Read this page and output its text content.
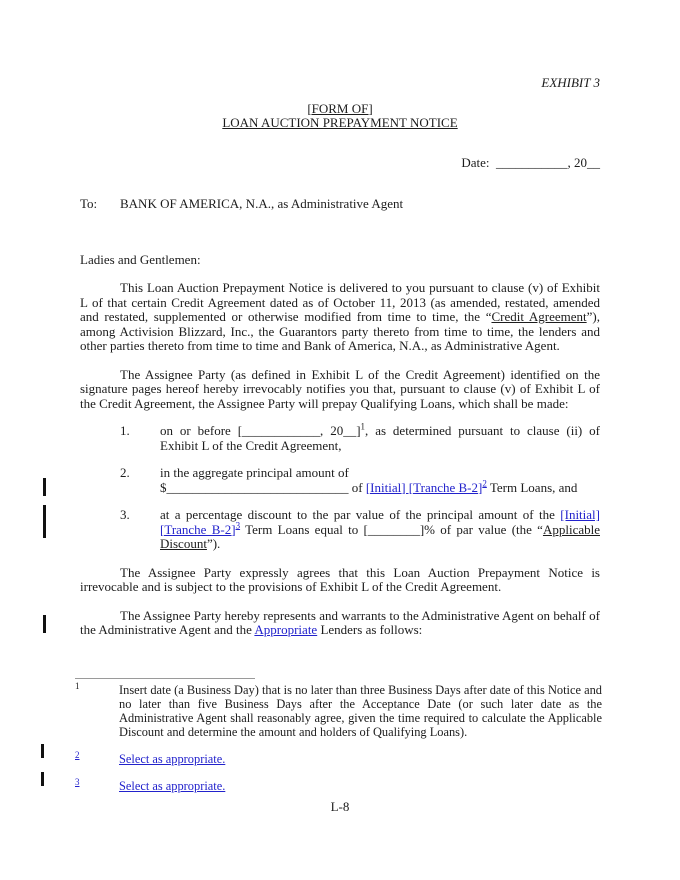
EXHIBIT 3
[FORM OF]
LOAN AUCTION PREPAYMENT NOTICE
Date:  ___________, 20__
To:	BANK OF AMERICA, N.A., as Administrative Agent
Ladies and Gentlemen:

This Loan Auction Prepayment Notice is delivered to you pursuant to clause (v) of Exhibit L of that certain Credit Agreement dated as of October 11, 2013 (as amended, restated, amended and restated, supplemented or otherwise modified from time to time, the “Credit Agreement”), among Activision Blizzard, Inc., the Guarantors party thereto from time to time, the lenders and other parties thereto from time to time and Bank of America, N.A., as Administrative Agent.

The Assignee Party (as defined in Exhibit L of the Credit Agreement) identified on the signature pages hereof hereby irrevocably notifies you that, pursuant to clause (v) of Exhibit L of the Credit Agreement, the Assignee Party will prepay Qualifying Loans, which shall be made:

1.	on or before [____________, 20__]$^1$, as determined pursuant to clause (ii) of Exhibit L of the Credit Agreement,
2.	in the aggregate principal amount of
$____________________________ of [Initial] [Tranche B-2]$^2$ Term Loans, and
3.	at a percentage discount to the par value of the principal amount of the [Initial] [Tranche B-2]$^3$ Term Loans equal to [________]% of par value (the “Applicable Discount”).

The Assignee Party expressly agrees that this Loan Auction Prepayment Notice is irrevocable and is subject to the provisions of Exhibit L of the Credit Agreement.

The Assignee Party hereby represents and warrants to the Administrative Agent on behalf of the Administrative Agent and the Appropriate Lenders as follows:

$^1$	Insert date (a Business Day) that is no later than three Business Days after date of this Notice and no later than five Business Days after the Acceptance Date (or such later date as the Administrative Agent shall reasonably agree, given the time required to calculate the Applicable Discount and determine the amount and holders of Qualifying Loans).
$^2$	Select as appropriate.
$^3$	Select as appropriate.
L-8
